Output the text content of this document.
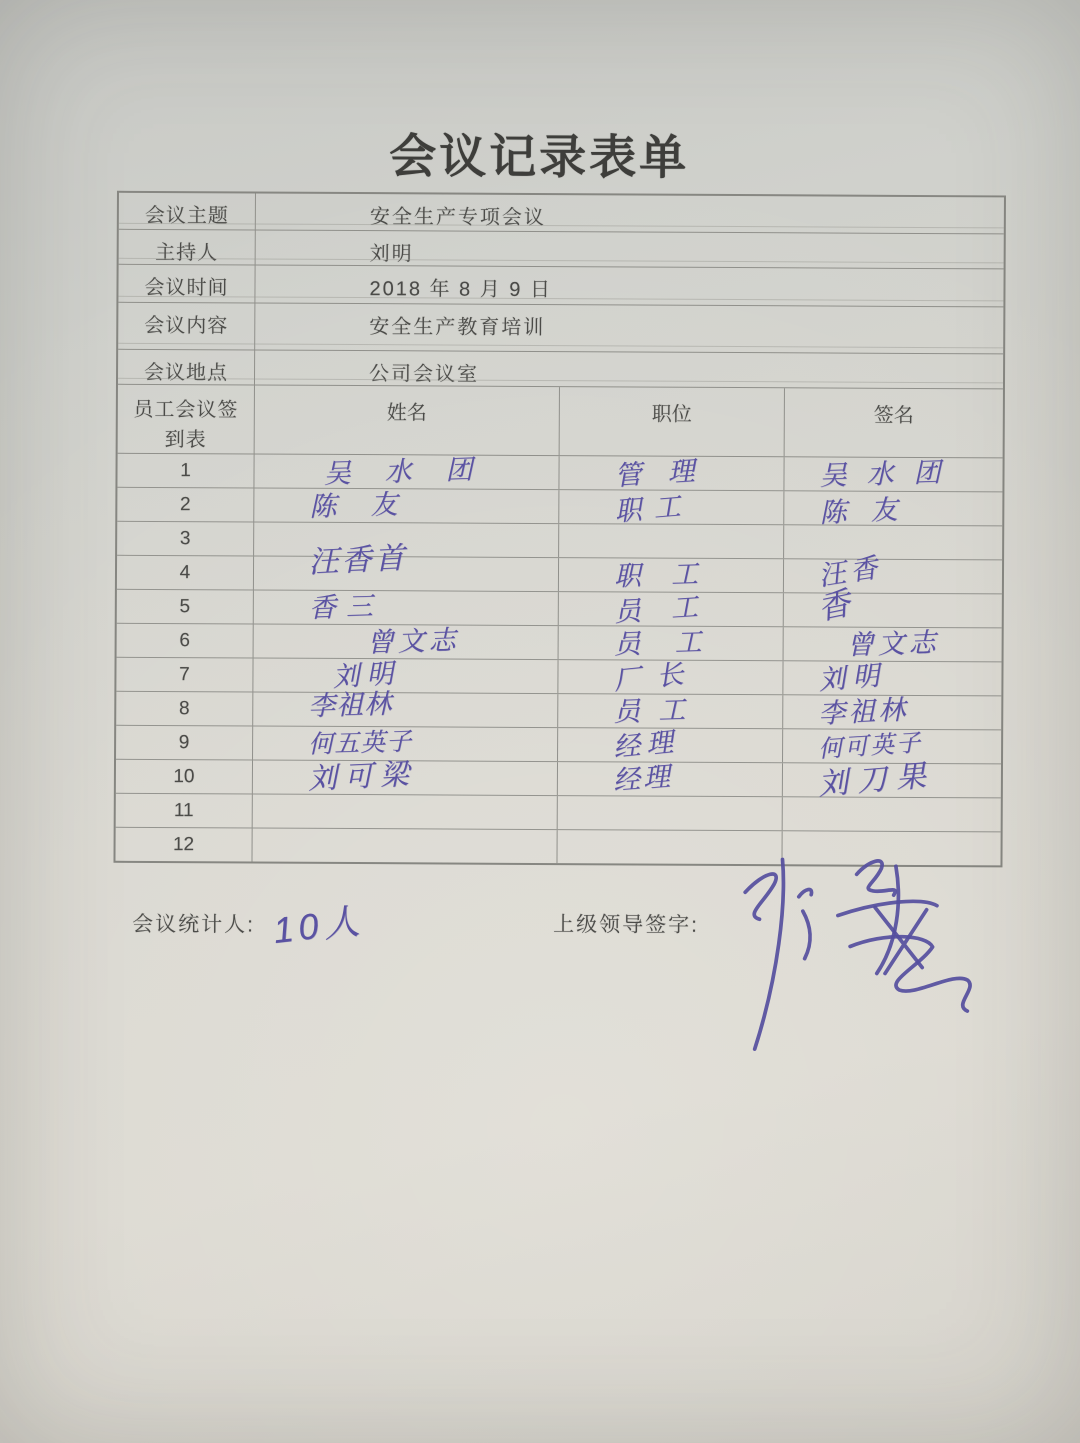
会议记录表单
会议主题	安全生产专项会议
主持人	刘明
会议时间	2018 年 8 月 9 日
会议内容	安全生产教育培训
会议地点	公司会议室
员工会议签到表
姓名	职位	签名
1	吴水团	管理	吴水团
2	陈友	职工	陈友
3
4	汪香首	职工	汪香
5	香三	员工	香
6	曾文志	员工	曾文志
7	刘明	厂长	刘明
8	李祖林	员工	李祖林
9	何五英子	经理	何可英子
10	刘可梁	经理	刘刀果
11
12
会议统计人: 10人	上级领导签字:
